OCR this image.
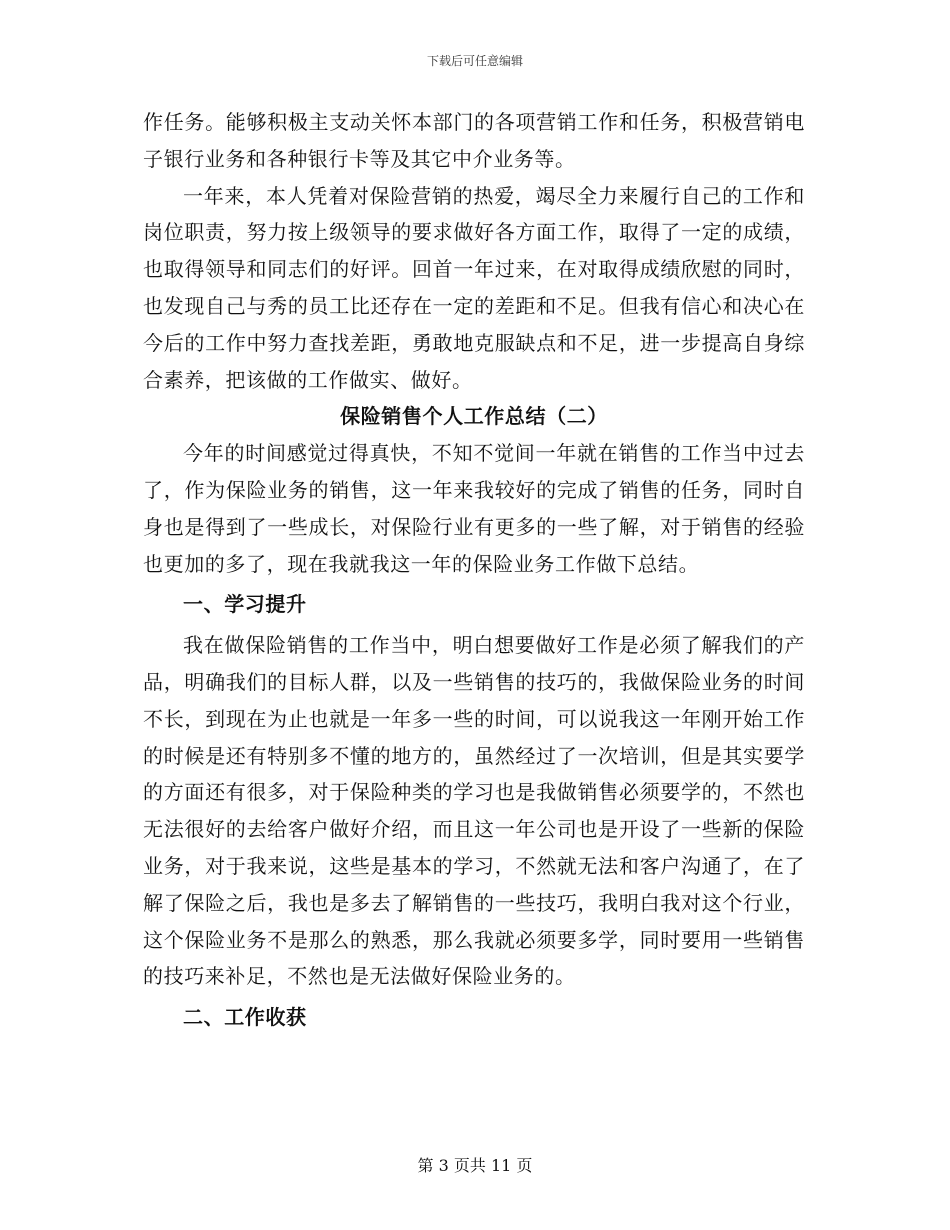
下载后可任意编辑

作任务。能够积极主支动关怀本部门的各项营销工作和任务，积极营销电子银行业务和各种银行卡等及其它中介业务等。

一年来，本人凭着对保险营销的热爱，竭尽全力来履行自己的工作和岗位职责，努力按上级领导的要求做好各方面工作，取得了一定的成绩，也取得领导和同志们的好评。回首一年过来，在对取得成绩欣慰的同时，也发现自己与秀的员工比还存在一定的差距和不足。但我有信心和决心在今后的工作中努力查找差距，勇敢地克服缺点和不足，进一步提高自身综合素养，把该做的工作做实、做好。

保险销售个人工作总结（二）

今年的时间感觉过得真快，不知不觉间一年就在销售的工作当中过去了，作为保险业务的销售，这一年来我较好的完成了销售的任务，同时自身也是得到了一些成长，对保险行业有更多的一些了解，对于销售的经验也更加的多了，现在我就我这一年的保险业务工作做下总结。

一、学习提升

我在做保险销售的工作当中，明白想要做好工作是必须了解我们的产品，明确我们的目标人群，以及一些销售的技巧的，我做保险业务的时间不长，到现在为止也就是一年多一些的时间，可以说我这一年刚开始工作的时候是还有特别多不懂的地方的，虽然经过了一次培训，但是其实要学的方面还有很多，对于保险种类的学习也是我做销售必须要学的，不然也无法很好的去给客户做好介绍，而且这一年公司也是开设了一些新的保险业务，对于我来说，这些是基本的学习，不然就无法和客户沟通了，在了解了保险之后，我也是多去了解销售的一些技巧，我明白我对这个行业，这个保险业务不是那么的熟悉，那么我就必须要多学，同时要用一些销售的技巧来补足，不然也是无法做好保险业务的。

二、工作收获

第 3 页共 11 页
